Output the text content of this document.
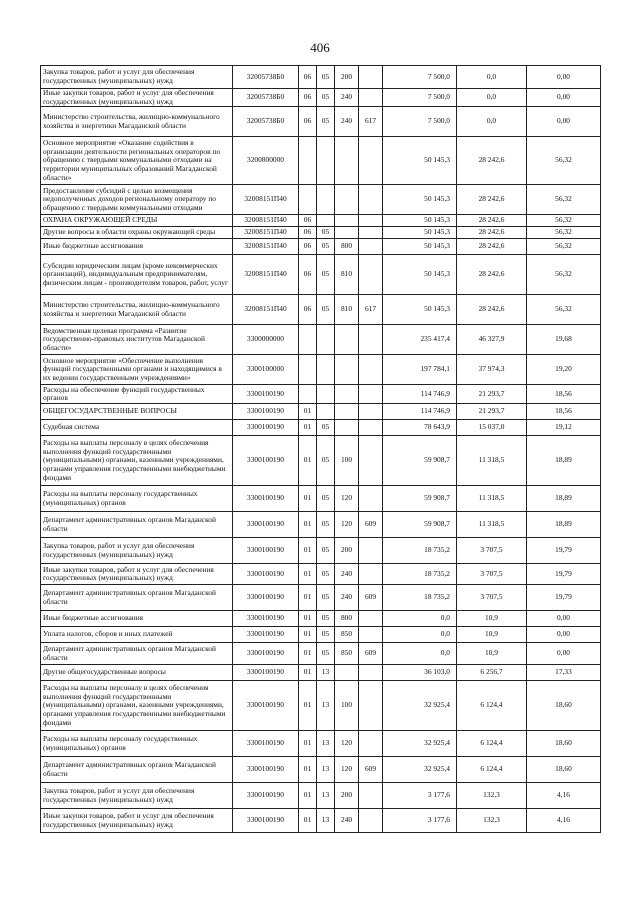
406
Закупка товаров, работ и услуг для обеспечения государственных (муниципальных) нужд	32005738Б0	06	05	200		7 500,0	0,0	0,00
Иные закупки товаров, работ и услуг для обеспечения государственных (муниципальных) нужд	32005738Б0	06	05	240		7 500,0	0,0	0,00
Министерство строительства, жилищно-коммунального хозяйства и энергетики Магаданской области	32005738Б0	06	05	240	617	7 500,0	0,0	0,00
Основное мероприятие «Оказание содействия в организации деятельности региональных операторов по обращению с твердыми коммунальными отходами на территории муниципальных образований Магаданской области»	3200800000					50 145,3	28 242,6	56,32
Предоставление субсидий с целью возмещения недополученных доходов региональному оператору по обращению с твердыми коммунальными отходами	32008151П40					50 145,3	28 242,6	56,32
ОХРАНА ОКРУЖАЮЩЕЙ СРЕДЫ	32008151П40	06				50 145,3	28 242,6	56,32
Другие вопросы в области охраны окружающей среды	32008151П40	06	05			50 145,3	28 242,6	56,32
Иные бюджетные ассигнования	32008151П40	06	05	800		50 145,3	28 242,6	56,32
Субсидии юридическим лицам (кроме некоммерческих организаций), индивидуальным предпринимателям, физическим лицам - производителям товаров, работ, услуг	32008151П40	06	05	810		50 145,3	28 242,6	56,32
Министерство строительства, жилищно-коммунального хозяйства и энергетики Магаданской области	32008151П40	06	05	810	617	50 145,3	28 242,6	56,32
Ведомственная целевая программа «Развитие государственно-правовых институтов Магаданской области»	3300000000					235 417,4	46 327,9	19,68
Основное мероприятие «Обеспечение выполнения функций государственными органами и находящимися в их ведении государственными учреждениями»	3300100000					197 784,1	37 974,3	19,20
Расходы на обеспечение функций государственных органов	3300100190					114 746,9	21 293,7	18,56
ОБЩЕГОСУДАРСТВЕННЫЕ ВОПРОСЫ	3300100190	01				114 746,9	21 293,7	18,56
Судебная система	3300100190	01	05			78 643,9	15 037,0	19,12
Расходы на выплаты персоналу в целях обеспечения выполнения функций государственными (муниципальными) органами, казенными учреждениями, органами управления государственными внебюджетными фондами	3300100190	01	05	100		59 908,7	11 318,5	18,89
Расходы на выплаты персоналу государственных (муниципальных) органов	3300100190	01	05	120		59 908,7	11 318,5	18,89
Департамент административных органов Магаданской области	3300100190	01	05	120	609	59 908,7	11 318,5	18,89
Закупка товаров, работ и услуг для обеспечения государственных (муниципальных) нужд	3300100190	01	05	200		18 735,2	3 707,5	19,79
Иные закупки товаров, работ и услуг для обеспечения государственных (муниципальных) нужд	3300100190	01	05	240		18 735,2	3 707,5	19,79
Департамент административных органов Магаданской области	3300100190	01	05	240	609	18 735,2	3 707,5	19,79
Иные бюджетные ассигнования	3300100190	01	05	800		0,0	10,9	0,00
Уплата налогов, сборов и иных платежей	3300100190	01	05	850		0,0	10,9	0,00
Департамент административных органов Магаданской области	3300100190	01	05	850	609	0,0	10,9	0,00
Другие общегосударственные вопросы	3300100190	01	13			36 103,0	6 256,7	17,33
Расходы на выплаты персоналу в целях обеспечения выполнения функций государственными (муниципальными) органами, казенными учреждениями, органами управления государственными внебюджетными фондами	3300100190	01	13	100		32 925,4	6 124,4	18,60
Расходы на выплаты персоналу государственных (муниципальных) органов	3300100190	01	13	120		32 925,4	6 124,4	18,60
Департамент административных органов Магаданской области	3300100190	01	13	120	609	32 925,4	6 124,4	18,60
Закупка товаров, работ и услуг для обеспечения государственных (муниципальных) нужд	3300100190	01	13	200		3 177,6	132,3	4,16
Иные закупки товаров, работ и услуг для обеспечения государственных (муниципальных) нужд	3300100190	01	13	240		3 177,6	132,3	4,16
